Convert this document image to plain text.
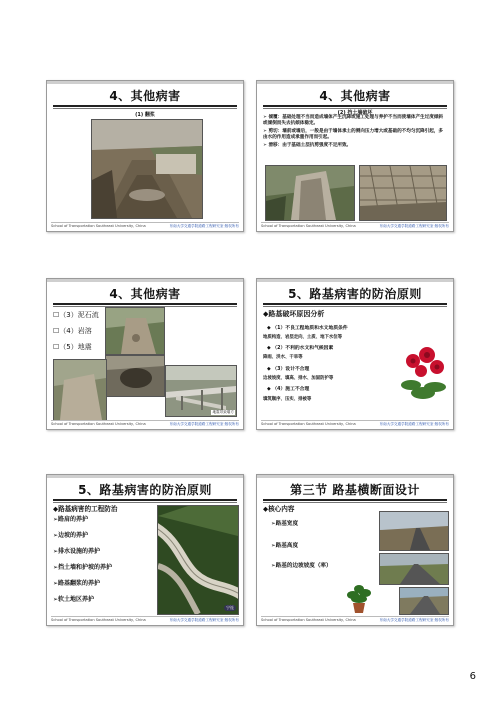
4、其他病害
(1) 翻浆
School of Transportation Southeast University, China	东南大学交通学院道路工程研究室·版权所有
4、其他病害
(2) 挡土墙破坏
➢ 倾覆：基础处理不当而造成墙体产生沉降或施工处理与养护不当而使墙体产生过度倾斜或倾倒而失去抗倾体稳定。
➢ 剪切：墙前或墙后，一般是由于墙体承土的侧向压力增大或基础的不均匀沉降引起，多由水的作用造成承重作用而引起。
➢ 滑移：由于基础土层抗剪强度不足所致。
School of Transportation Southeast University, China	东南大学交通学院道路工程研究室·版权所有
4、其他病害
☐（3）泥石流
☐（4）岩溶
☐（5）地震
地震导致塌方
School of Transportation Southeast University, China	东南大学交通学院道路工程研究室·版权所有
5、路基病害的防治原则
◆路基破坏原因分析
◆ （1）不良工程地质和水文地质条件
地质构造、岩层走向、土质、地下水位等
◆ （2）不利的水文和气候因素
降雨、洪水、干旱等
◆ （3）设计不合理
边坡坡度、填高、排水、加固防护等
◆ （4）施工不合理
填筑顺序、压实、排被等
School of Transportation Southeast University, China	东南大学交通学院道路工程研究室·版权所有
5、路基病害的防治原则
◆路基病害的工程防治
➢路肩的养护
➢边坡的养护
➢排水设施的养护
➢挡土墙和护坡的养护
➢路基翻浆的养护
➢软土地区养护
宁连
School of Transportation Southeast University, China	东南大学交通学院道路工程研究室·版权所有
第三节 路基横断面设计
◆核心内容
➢路基宽度
➢路基高度
➢路基的边坡坡度（率）
School of Transportation Southeast University, China	东南大学交通学院道路工程研究室·版权所有
6
